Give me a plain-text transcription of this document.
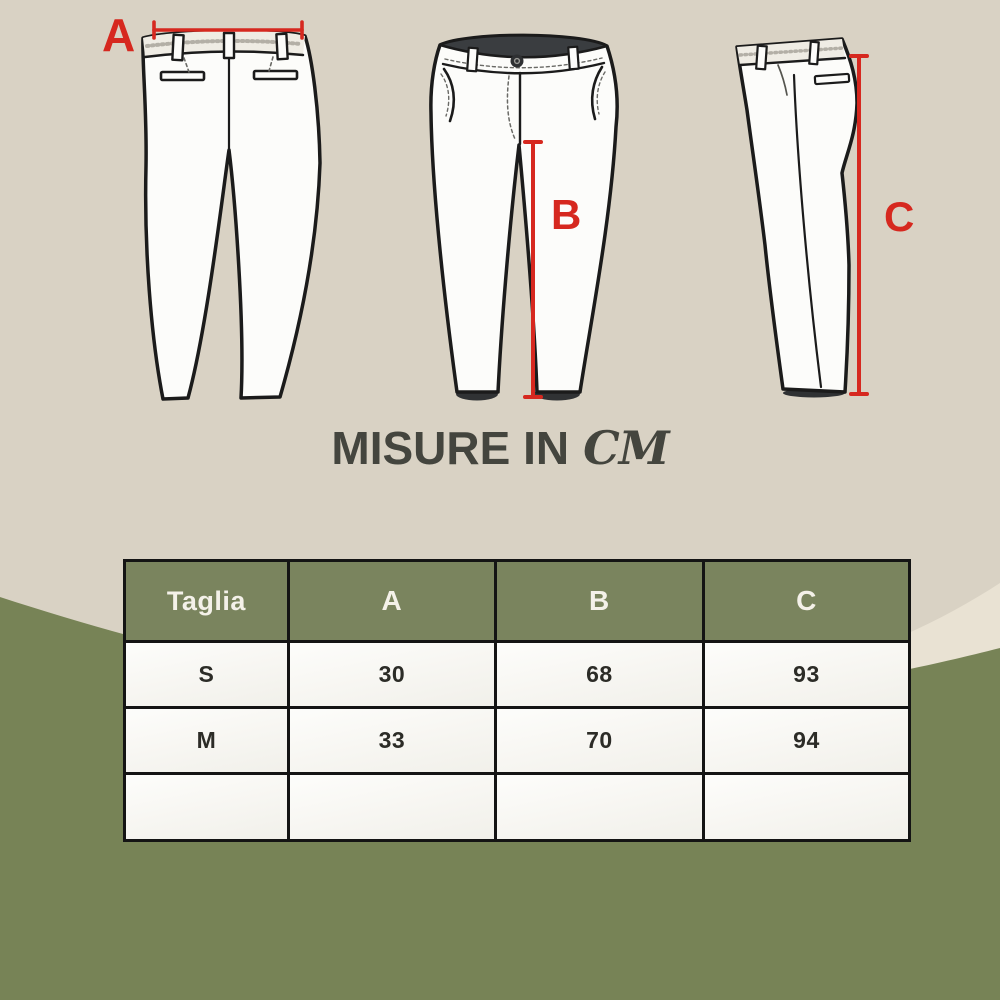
A
B	C
MISURE IN CM
Taglia	A	B	C
S	30	68	93
M	33	70	94
